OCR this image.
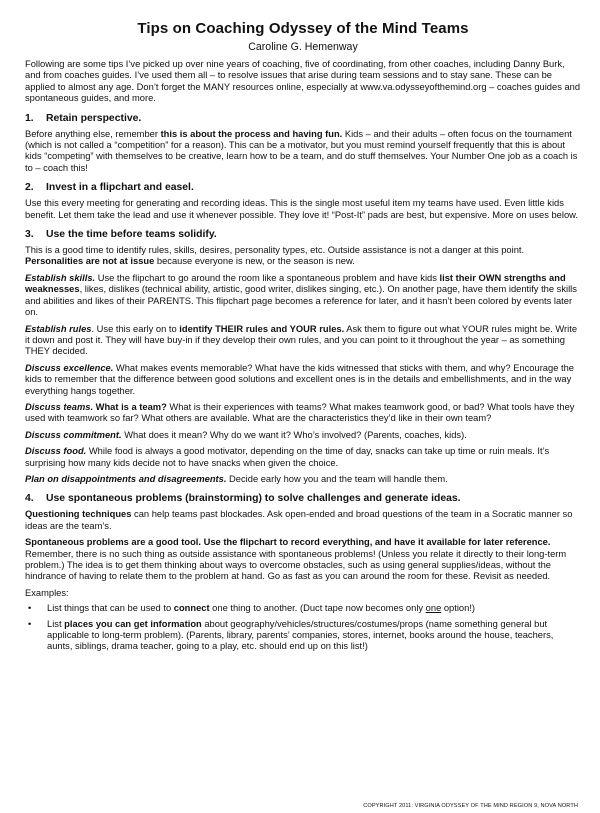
Tips on Coaching Odyssey of the Mind Teams
Caroline G. Hemenway

Following are some tips I’ve picked up over nine years of coaching, five of coordinating, from other coaches, including Danny Burk, and from coaches guides. I’ve used them all – to resolve issues that arise during team sessions and to stay sane. These can be applied to almost any age. Don’t forget the MANY resources online, especially at www.va.odysseyofthemind.org – coaches guides and spontaneous guides, and more.

1.	Retain perspective.

Before anything else, remember this is about the process and having fun. Kids – and their adults – often focus on the tournament (which is not called a “competition” for a reason). This can be a motivator, but you must remind yourself frequently that this is about kids “competing” with themselves to be creative, learn how to be a team, and do stuff themselves. Your Number One job as a coach is to – coach this!

2.	Invest in a flipchart and easel.

Use this every meeting for generating and recording ideas. This is the single most useful item my teams have used. Even little kids benefit. Let them take the lead and use it whenever possible. They love it! “Post-It” pads are best, but expensive. More on uses below.

3.	Use the time before teams solidify.

This is a good time to identify rules, skills, desires, personality types, etc. Outside assistance is not a danger at this point. Personalities are not at issue because everyone is new, or the season is new.

Establish skills. Use the flipchart to go around the room like a spontaneous problem and have kids list their OWN strengths and weaknesses, likes, dislikes (technical ability, artistic, good writer, dislikes singing, etc.). On another page, have them identify the skills and abilities and likes of their PARENTS. This flipchart page becomes a reference for later, and it hasn’t been colored by events later on.

Establish rules. Use this early on to identify THEIR rules and YOUR rules. Ask them to figure out what YOUR rules might be. Write it down and post it. They will have buy-in if they develop their own rules, and you can point to it throughout the year – as something THEY decided.

Discuss excellence. What makes events memorable? What have the kids witnessed that sticks with them, and why? Encourage the kids to remember that the difference between good solutions and excellent ones is in the details and embellishments, and in the way everything hangs together.

Discuss teams. What is a team? What is their experiences with teams? What makes teamwork good, or bad? What tools have they used with teamwork so far? What others are available. What are the characteristics they’d like in their own team?

Discuss commitment. What does it mean? Why do we want it? Who’s involved? (Parents, coaches, kids).

Discuss food. While food is always a good motivator, depending on the time of day, snacks can take up time or ruin meals. It’s surprising how many kids decide not to have snacks when given the choice.

Plan on disappointments and disagreements. Decide early how you and the team will handle them.

4.	Use spontaneous problems (brainstorming) to solve challenges and generate ideas.

Questioning techniques can help teams past blockades. Ask open-ended and broad questions of the team in a Socratic manner so ideas are the team’s.

Spontaneous problems are a good tool. Use the flipchart to record everything, and have it available for later reference. Remember, there is no such thing as outside assistance with spontaneous problems! (Unless you relate it directly to their long-term problem.) The idea is to get them thinking about ways to overcome obstacles, such as using general supplies/ideas, without the hindrance of having to relate them to the problem at hand. Go as fast as you can around the room for these. Revisit as needed.

Examples:

•	List things that can be used to connect one thing to another. (Duct tape now becomes only one option!)
•	List places you can get information about geography/vehicles/structures/costumes/props (name something general but applicable to long-term problem). (Parents, library, parents’ companies, stores, internet, books around the house, teachers, aunts, siblings, drama teacher, going to a play, etc. should end up on this list!)
COPYRIGHT 2011: VIRGINIA ODYSSEY OF THE MIND REGION 9, NOVA NORTH
